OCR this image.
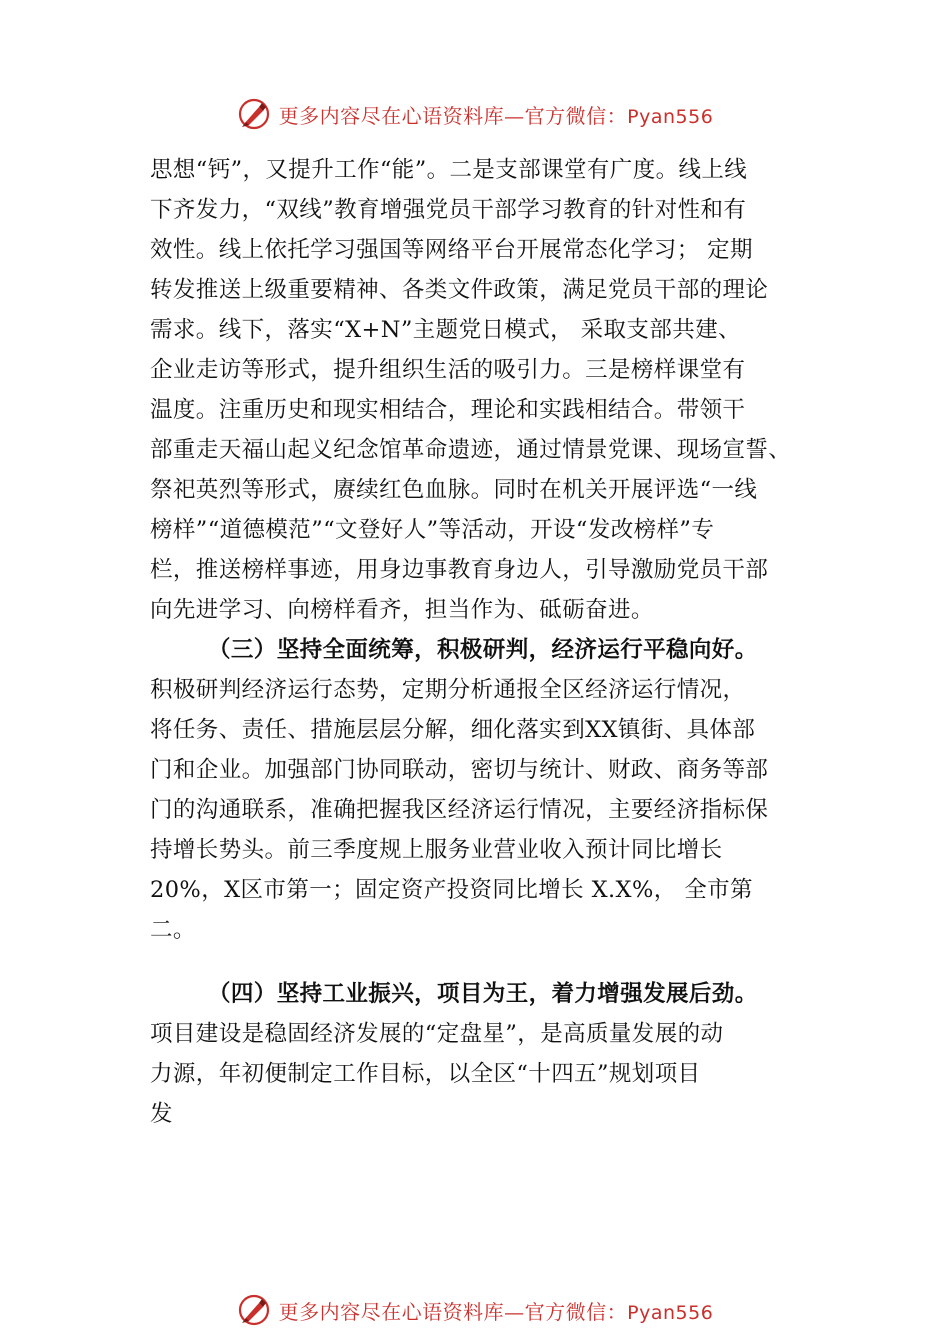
更多内容尽在心语资料库—官方微信：Pyan556
思想“钙”，又提升工作“能”。二是支部课堂有广度。线上线
下齐发力，“双线”教育增强党员干部学习教育的针对性和有
效性。线上依托学习强国等网络平台开展常态化学习； 定期
转发推送上级重要精神、各类文件政策，满足党员干部的理论
需求。线下，落实“X+N”主题党日模式， 采取支部共建、
企业走访等形式，提升组织生活的吸引力。三是榜样课堂有
温度。注重历史和现实相结合，理论和实践相结合。带领干
部重走天福山起义纪念馆革命遗迹，通过情景党课、现场宣誓、
祭祀英烈等形式，赓续红色血脉。同时在机关开展评选“一线
榜样”“道德模范”“文登好人”等活动，开设“发改榜样”专
栏，推送榜样事迹，用身边事教育身边人，引导激励党员干部
向先进学习、向榜样看齐，担当作为、砥砺奋进。
（三）坚持全面统筹，积极研判，经济运行平稳向好。
积极研判经济运行态势，定期分析通报全区经济运行情况，
将任务、责任、措施层层分解，细化落实到XX镇街、具体部
门和企业。加强部门协同联动，密切与统计、财政、商务等部
门的沟通联系，准确把握我区经济运行情况，主要经济指标保
持增长势头。前三季度规上服务业营业收入预计同比增长
20%，X区市第一；固定资产投资同比增长 X.X%， 全市第
二。
（四）坚持工业振兴，项目为王，着力增强发展后劲。
项目建设是稳固经济发展的“定盘星”，是高质量发展的动
力源，年初便制定工作目标，以全区“十四五”规划项目
发
更多内容尽在心语资料库—官方微信：Pyan556
